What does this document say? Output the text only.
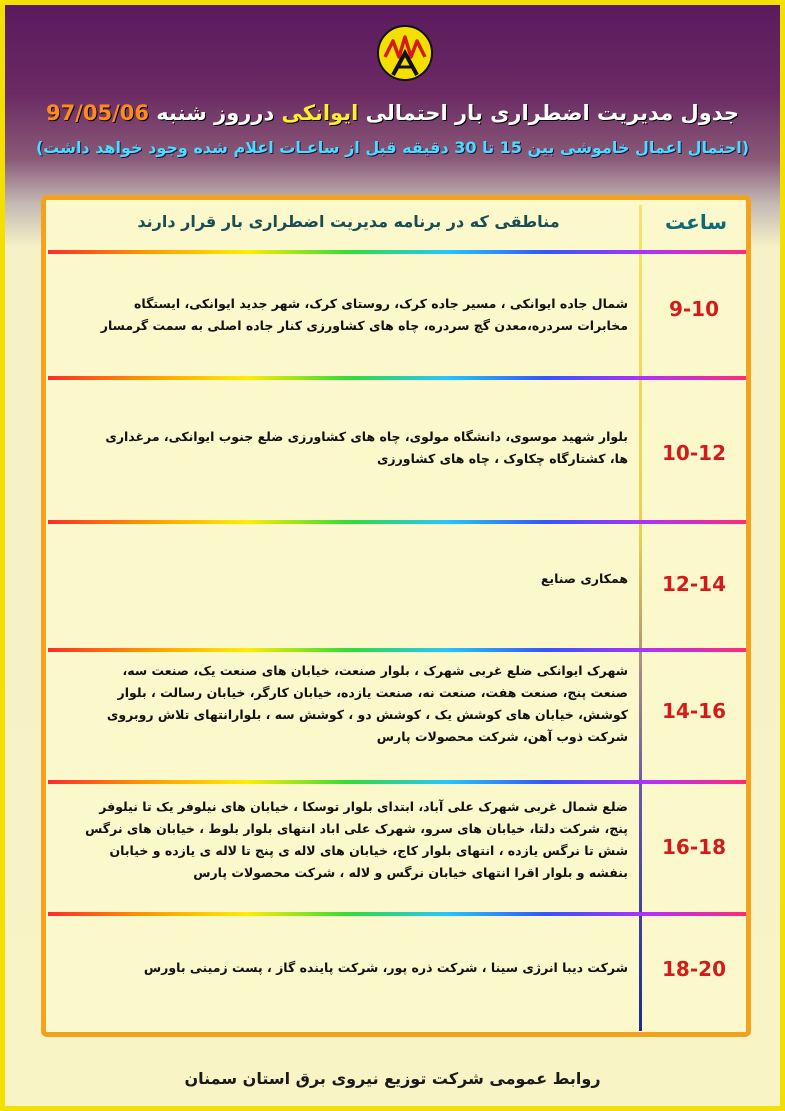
جدول مدیریت اضطراری بار احتمالی ایوانکی درروز شنبه 97/05/06
(احتمال اعمال خاموشی بین 15 تا 30 دقیقه قبل از ساعـات اعلام شده وجود خواهد داشت)
ساعت
مناطقی که در برنامه مدیریت اضطراری بار قرار دارند
9-10
شمال جاده ایوانکی ، مسیر جاده کرک، روستای کرک، شهر جدید ایوانکی، ایستگاه مخابرات سردره،معدن گچ سردره، چاه های کشاورزی کنار جاده اصلی به سمت گرمسار
10-12
بلوار شهید موسوی، دانشگاه مولوی، چاه های کشاورزی ضلع جنوب ایوانکی، مرغداری ها، کشتارگاه چکاوک ، چاه های کشاورزی
12-14
همکاری صنایع
14-16
شهرک ایوانکی ضلع غربی شهرک ، بلوار صنعت، خیابان های صنعت یک، صنعت سه، صنعت پنج، صنعت هفت، صنعت نه، صنعت یازده، خیابان کارگر، خیابان رسالت ، بلوار کوشش، خیابان های کوشش یک ، کوشش دو ، کوشش سه ، بلوارانتهای تلاش روبروی شرکت ذوب آهن، شرکت محصولات پارس
16-18
ضلع شمال غربی شهرک علی آباد، ابتدای بلوار توسکا ، خیابان های نیلوفر یک تا نیلوفر پنج، شرکت دلتا، خیابان های سرو، شهرک علی اباد انتهای بلوار بلوط ، خیابان های نرگس شش تا نرگس یازده ، انتهای بلوار کاج، خیابان های لاله ی پنج تا لاله ی یازده و خیابان بنفشه و بلوار اقرا انتهای خیابان نرگس و لاله ، شرکت محصولات پارس
18-20
شرکت دیبا انرژی سینا ، شرکت ذره پور، شرکت پاینده گاز ، پست زمینی باورس
روابط عمومی شرکت توزیع نیروی برق استان سمنان
